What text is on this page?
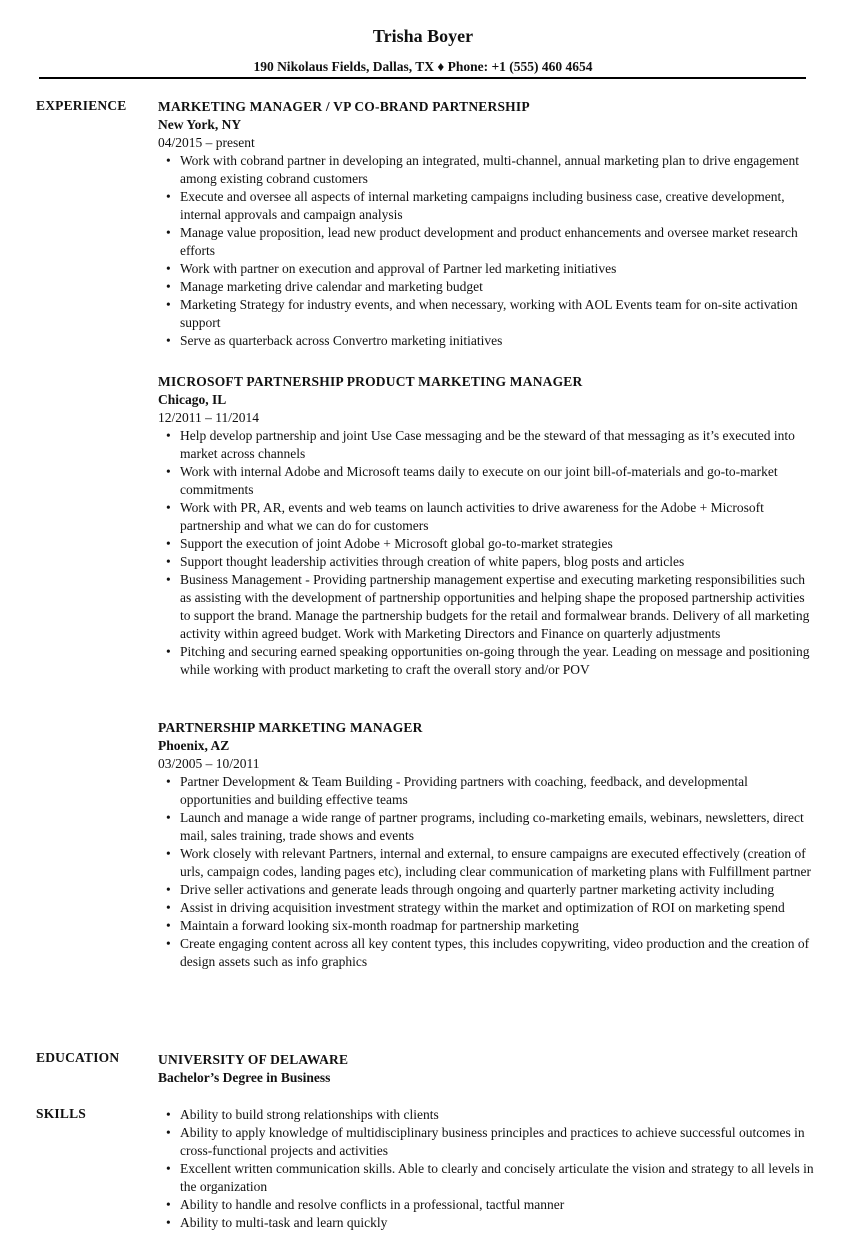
Trisha Boyer
190 Nikolaus Fields, Dallas, TX ♦ Phone: +1 (555) 460 4654
EXPERIENCE MARKETING MANAGER / VP CO-BRAND PARTNERSHIP
New York, NY
04/2015 – present
• Work with cobrand partner in developing an integrated, multi-channel, annual marketing plan to drive engagement among existing cobrand customers
• Execute and oversee all aspects of internal marketing campaigns including business case, creative development, internal approvals and campaign analysis
• Manage value proposition, lead new product development and product enhancements and oversee market research efforts
• Work with partner on execution and approval of Partner led marketing initiatives
• Manage marketing drive calendar and marketing budget
• Marketing Strategy for industry events, and when necessary, working with AOL Events team for on-site activation support
• Serve as quarterback across Convertro marketing initiatives
MICROSOFT PARTNERSHIP PRODUCT MARKETING MANAGER
Chicago, IL
12/2011 – 11/2014
• Help develop partnership and joint Use Case messaging and be the steward of that messaging as it’s executed into market across channels
• Work with internal Adobe and Microsoft teams daily to execute on our joint bill-of-materials and go-to-market commitments
• Work with PR, AR, events and web teams on launch activities to drive awareness for the Adobe + Microsoft partnership and what we can do for customers
• Support the execution of joint Adobe + Microsoft global go-to-market strategies
• Support thought leadership activities through creation of white papers, blog posts and articles
• Business Management - Providing partnership management expertise and executing marketing responsibilities such as assisting with the development of partnership opportunities and helping shape the proposed partnership activities to support the brand. Manage the partnership budgets for the retail and formalwear brands. Delivery of all marketing activity within agreed budget. Work with Marketing Directors and Finance on quarterly adjustments
• Pitching and securing earned speaking opportunities on-going through the year. Leading on message and positioning while working with product marketing to craft the overall story and/or POV
PARTNERSHIP MARKETING MANAGER
Phoenix, AZ
03/2005 – 10/2011
• Partner Development & Team Building - Providing partners with coaching, feedback, and developmental opportunities and building effective teams
• Launch and manage a wide range of partner programs, including co-marketing emails, webinars, newsletters, direct mail, sales training, trade shows and events
• Work closely with relevant Partners, internal and external, to ensure campaigns are executed effectively (creation of urls, campaign codes, landing pages etc), including clear communication of marketing plans with Fulfillment partner
• Drive seller activations and generate leads through ongoing and quarterly partner marketing activity including
• Assist in driving acquisition investment strategy within the market and optimization of ROI on marketing spend
• Maintain a forward looking six-month roadmap for partnership marketing
• Create engaging content across all key content types, this includes copywriting, video production and the creation of design assets such as info graphics
EDUCATION	UNIVERSITY OF DELAWARE
Bachelor’s Degree in Business
SKILLS
•	Ability to build strong relationships with clients
• Ability to apply knowledge of multidisciplinary business principles and practices to achieve successful outcomes in cross-functional projects and activities
• Excellent written communication skills. Able to clearly and concisely articulate the vision and strategy to all levels in the organization
• Ability to handle and resolve conflicts in a professional, tactful manner
• Ability to multi-task and learn quickly
